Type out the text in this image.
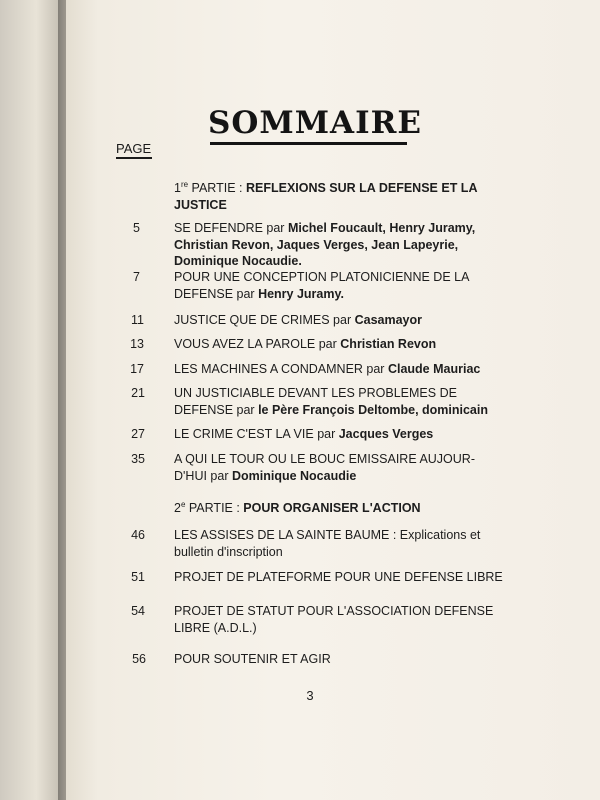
SOMMAIRE
PAGE
1re PARTIE : REFLEXIONS SUR LA DEFENSE ET LA JUSTICE
5	SE DEFENDRE par Michel Foucault, Henry Juramy, Christian Revon, Jaques Verges, Jean Lapeyrie, Dominique Nocaudie.
7	POUR UNE CONCEPTION PLATONICIENNE DE LA DEFENSE par Henry Juramy.
11 JUSTICE QUE DE CRIMES par Casamayor
13 VOUS AVEZ LA PAROLE par Christian Revon
17 LES MACHINES A CONDAMNER par Claude Mauriac
21 UN JUSTICIABLE DEVANT LES PROBLEMES DE DEFENSE par le Père François Deltombe, dominicain
27 LE CRIME C'EST LA VIE par Jacques Verges
35 A QUI LE TOUR OU LE BOUC EMISSAIRE AUJOUR-D'HUI par Dominique Nocaudie
2e PARTIE : POUR ORGANISER L'ACTION
46 LES ASSISES DE LA SAINTE BAUME : Explications et bulletin d'inscription
51 PROJET DE PLATEFORME POUR UNE DEFENSE LIBRE
54 PROJET DE STATUT POUR L'ASSOCIATION DEFENSE LIBRE (A.D.L.)
56 POUR SOUTENIR ET AGIR
3
